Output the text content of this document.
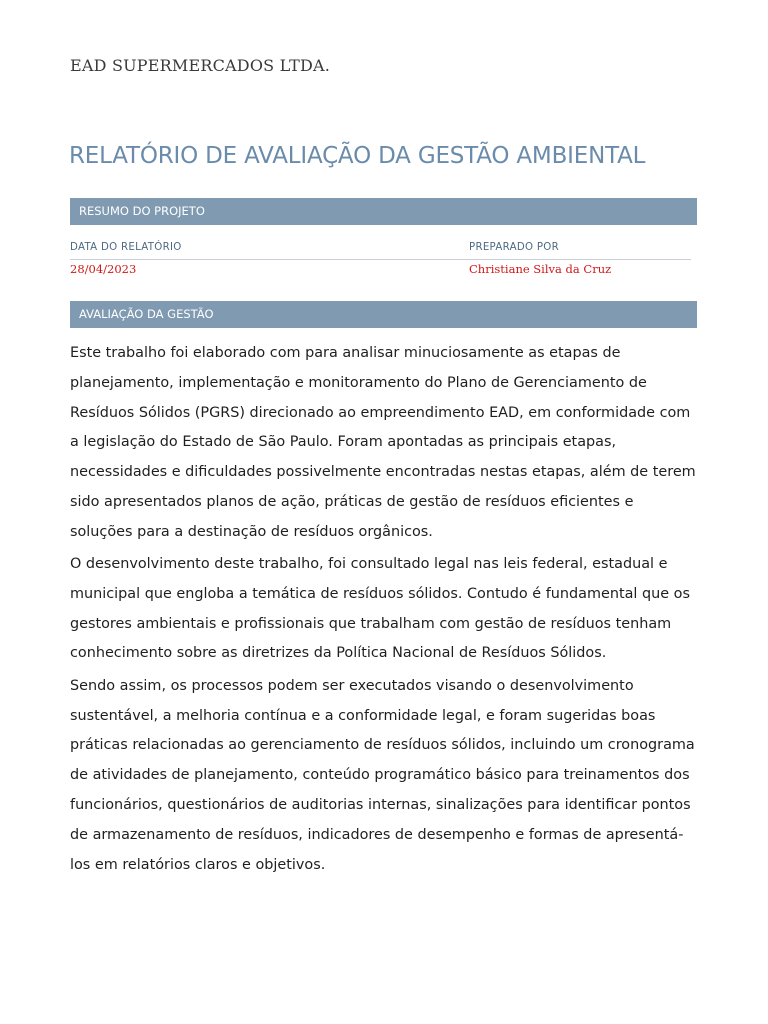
EAD SUPERMERCADOS LTDA.
RELATÓRIO DE AVALIAÇÃO DA GESTÃO AMBIENTAL
RESUMO DO PROJETO
DATA DO RELATÓRIO	PREPARADO POR
28/04/2023	Christiane Silva da Cruz
AVALIAÇÃO DA GESTÃO

Este trabalho foi elaborado com para analisar minuciosamente as etapas de planejamento, implementação e monitoramento do Plano de Gerenciamento de Resíduos Sólidos (PGRS) direcionado ao empreendimento EAD, em conformidade com a legislação do Estado de São Paulo. Foram apontadas as principais etapas, necessidades e dificuldades possivelmente encontradas nestas etapas, além de terem sido apresentados planos de ação, práticas de gestão de resíduos eficientes e soluções para a destinação de resíduos orgânicos.

O desenvolvimento deste trabalho, foi consultado legal nas leis federal, estadual e municipal que engloba a temática de resíduos sólidos. Contudo é fundamental que os gestores ambientais e profissionais que trabalham com gestão de resíduos tenham conhecimento sobre as diretrizes da Política Nacional de Resíduos Sólidos.

Sendo assim, os processos podem ser executados visando o desenvolvimento sustentável, a melhoria contínua e a conformidade legal, e foram sugeridas boas práticas relacionadas ao gerenciamento de resíduos sólidos, incluindo um cronograma de atividades de planejamento, conteúdo programático básico para treinamentos dos funcionários, questionários de auditorias internas, sinalizações para identificar pontos de armazenamento de resíduos, indicadores de desempenho e formas de apresentá-los em relatórios claros e objetivos.
